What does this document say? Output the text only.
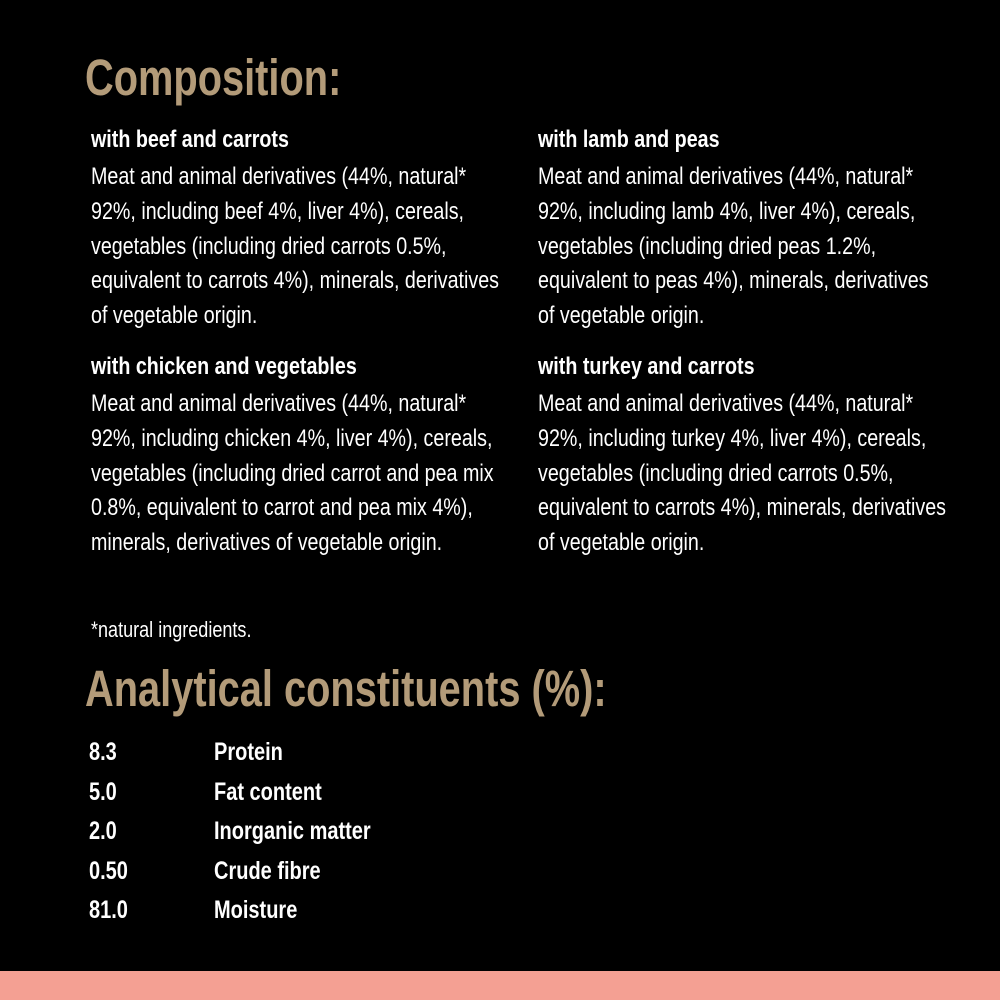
Composition:
with beef and carrots
Meat and animal derivatives (44%, natural* 92%, including beef 4%, liver 4%), cereals, vegetables (including dried carrots 0.5%, equivalent to carrots 4%), minerals, derivatives of vegetable origin.
with lamb and peas
Meat and animal derivatives (44%, natural* 92%, including lamb 4%, liver 4%), cereals, vegetables (including dried peas 1.2%, equivalent to peas 4%), minerals, derivatives of vegetable origin.
with chicken and vegetables
Meat and animal derivatives (44%, natural* 92%, including chicken 4%, liver 4%), cereals, vegetables (including dried carrot and pea mix 0.8%, equivalent to carrot and pea mix 4%), minerals, derivatives of vegetable origin.
with turkey and carrots
Meat and animal derivatives (44%, natural* 92%, including turkey 4%, liver 4%), cereals, vegetables (including dried carrots 0.5%, equivalent to carrots 4%), minerals, derivatives of vegetable origin.
*natural ingredients.
Analytical constituents (%):
8.3	Protein
5.0	Fat content
2.0	Inorganic matter
0.50	Crude fibre
81.0	Moisture
